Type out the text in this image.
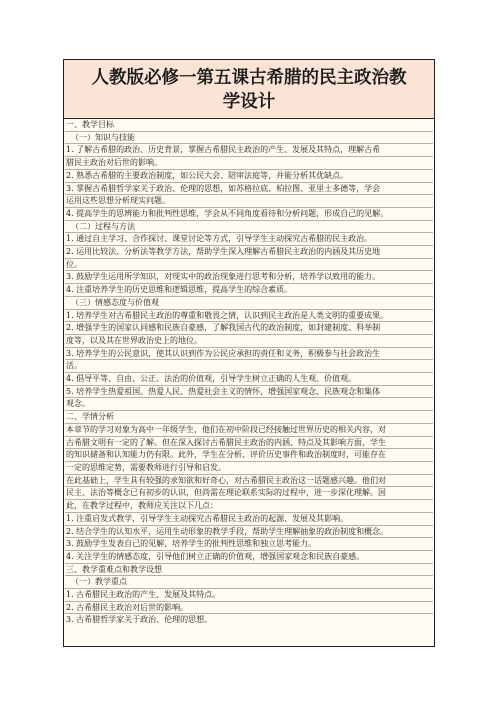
人教版必修一第五课古希腊的民主政治教
学设计
一、教学目标
（一）知识与技能
1. 了解古希腊的政治、历史背景，掌握古希腊民主政治的产生、发展及其特点，理解古希
腊民主政治对后世的影响。
2. 熟悉古希腊的主要政治制度，如公民大会、陪审法庭等，并能分析其优缺点。
3. 掌握古希腊哲学家关于政治、伦理的思想，如苏格拉底、柏拉图、亚里士多德等，学会
运用这些思想分析现实问题。
4. 提高学生的思辨能力和批判性思维，学会从不同角度看待和分析问题，形成自己的见解。
（二）过程与方法
1. 通过自主学习、合作探讨、课堂讨论等方式，引导学生主动探究古希腊的民主政治。
2. 运用比较法、分析法等教学方法，帮助学生深入理解古希腊民主政治的内涵及其历史地
位。
3. 鼓励学生运用所学知识，对现实中的政治现象进行思考和分析，培养学以致用的能力。
4. 注重培养学生的历史思维和逻辑思维，提高学生的综合素质。
（三）情感态度与价值观
1. 培养学生对古希腊民主政治的尊重和敬畏之情，认识到民主政治是人类文明的重要成果。
2. 增强学生的国家认同感和民族自豪感，了解我国古代的政治制度，如封建制度、科举制
度等，以及其在世界政治史上的地位。
3. 培养学生的公民意识，使其认识到作为公民应承担的责任和义务，积极参与社会政治生
活。
4. 倡导平等、自由、公正、法治的价值观，引导学生树立正确的人生观、价值观。
5. 培养学生热爱祖国、热爱人民、热爱社会主义的情怀，增强国家观念、民族观念和集体
观念。
二、学情分析
本章节的学习对象为高中一年级学生，他们在初中阶段已经接触过世界历史的相关内容，对
古希腊文明有一定的了解。但在深入探讨古希腊民主政治的内涵、特点及其影响方面，学生
的知识储备和认知能力仍有限。此外，学生在分析、评价历史事件和政治制度时，可能存在
一定的思维定势，需要教师进行引导和启发。
在此基础上，学生具有较强的求知欲和好奇心，对古希腊民主政治这一话题感兴趣。他们对
民主、法治等概念已有初步的认识，但尚需在理论联系实际的过程中，进一步深化理解。因
此，在教学过程中，教师应关注以下几点：
1. 注重启发式教学，引导学生主动探究古希腊民主政治的起源、发展及其影响。
2. 结合学生的认知水平，运用生动形象的教学手段，帮助学生理解抽象的政治制度和概念。
3. 鼓励学生发表自己的见解，培养学生的批判性思维和独立思考能力。
4. 关注学生的情感态度，引导他们树立正确的价值观，增强国家观念和民族自豪感。
三、教学重难点和教学设想
（一）教学重点
1. 古希腊民主政治的产生、发展及其特点。
2. 古希腊民主政治对后世的影响。
3. 古希腊哲学家关于政治、伦理的思想。
